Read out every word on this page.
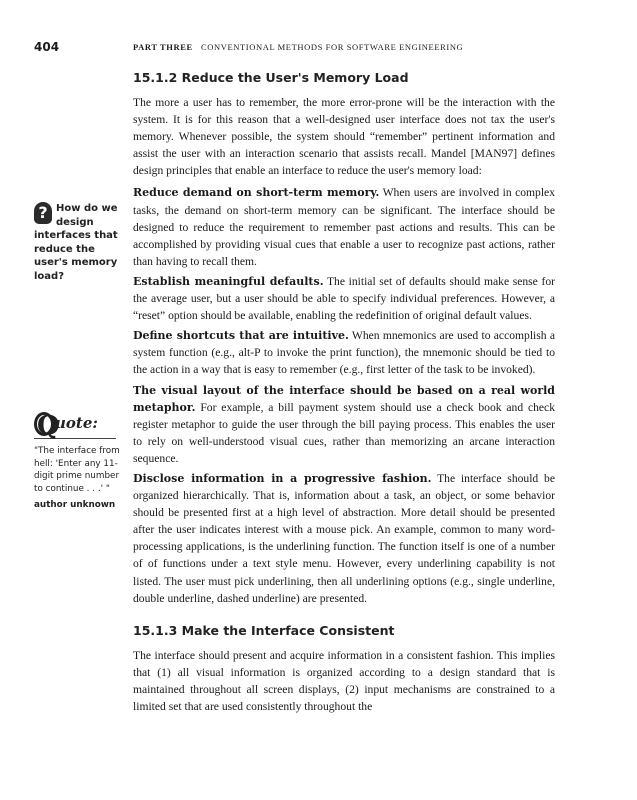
404	PART THREE CONVENTIONAL METHODS FOR SOFTWARE ENGINEERING
? How do we design interfaces that reduce the user's memory load?
Quote:
"The interface from hell: 'Enter any 11-digit prime number to continue . . .' "
author unknown
15.1.2 Reduce the User's Memory Load

The more a user has to remember, the more error-prone will be the interaction with the system. It is for this reason that a well-designed user interface does not tax the user's memory. Whenever possible, the system should “remember” pertinent information and assist the user with an interaction scenario that assists recall. Mandel [MAN97] defines design principles that enable an interface to reduce the user's memory load:

Reduce demand on short-term memory. When users are involved in complex tasks, the demand on short-term memory can be significant. The interface should be designed to reduce the requirement to remember past actions and results. This can be accomplished by providing visual cues that enable a user to recognize past actions, rather than having to recall them.

Establish meaningful defaults. The initial set of defaults should make sense for the average user, but a user should be able to specify individual preferences. However, a “reset” option should be available, enabling the redefinition of original default values.

Define shortcuts that are intuitive. When mnemonics are used to accomplish a system function (e.g., alt-P to invoke the print function), the mnemonic should be tied to the action in a way that is easy to remember (e.g., first letter of the task to be invoked).

The visual layout of the interface should be based on a real world metaphor. For example, a bill payment system should use a check book and check register metaphor to guide the user through the bill paying process. This enables the user to rely on well-understood visual cues, rather than memorizing an arcane interaction sequence.

Disclose information in a progressive fashion. The interface should be organized hierarchically. That is, information about a task, an object, or some behavior should be presented first at a high level of abstraction. More detail should be presented after the user indicates interest with a mouse pick. An example, common to many word-processing applications, is the underlining function. The function itself is one of a number of of functions under a text style menu. However, every underlining capability is not listed. The user must pick underlining, then all underlining options (e.g., single underline, double underline, dashed underline) are presented.

15.1.3 Make the Interface Consistent

The interface should present and acquire information in a consistent fashion. This implies that (1) all visual information is organized according to a design standard that is maintained throughout all screen displays, (2) input mechanisms are constrained to a limited set that are used consistently throughout the
